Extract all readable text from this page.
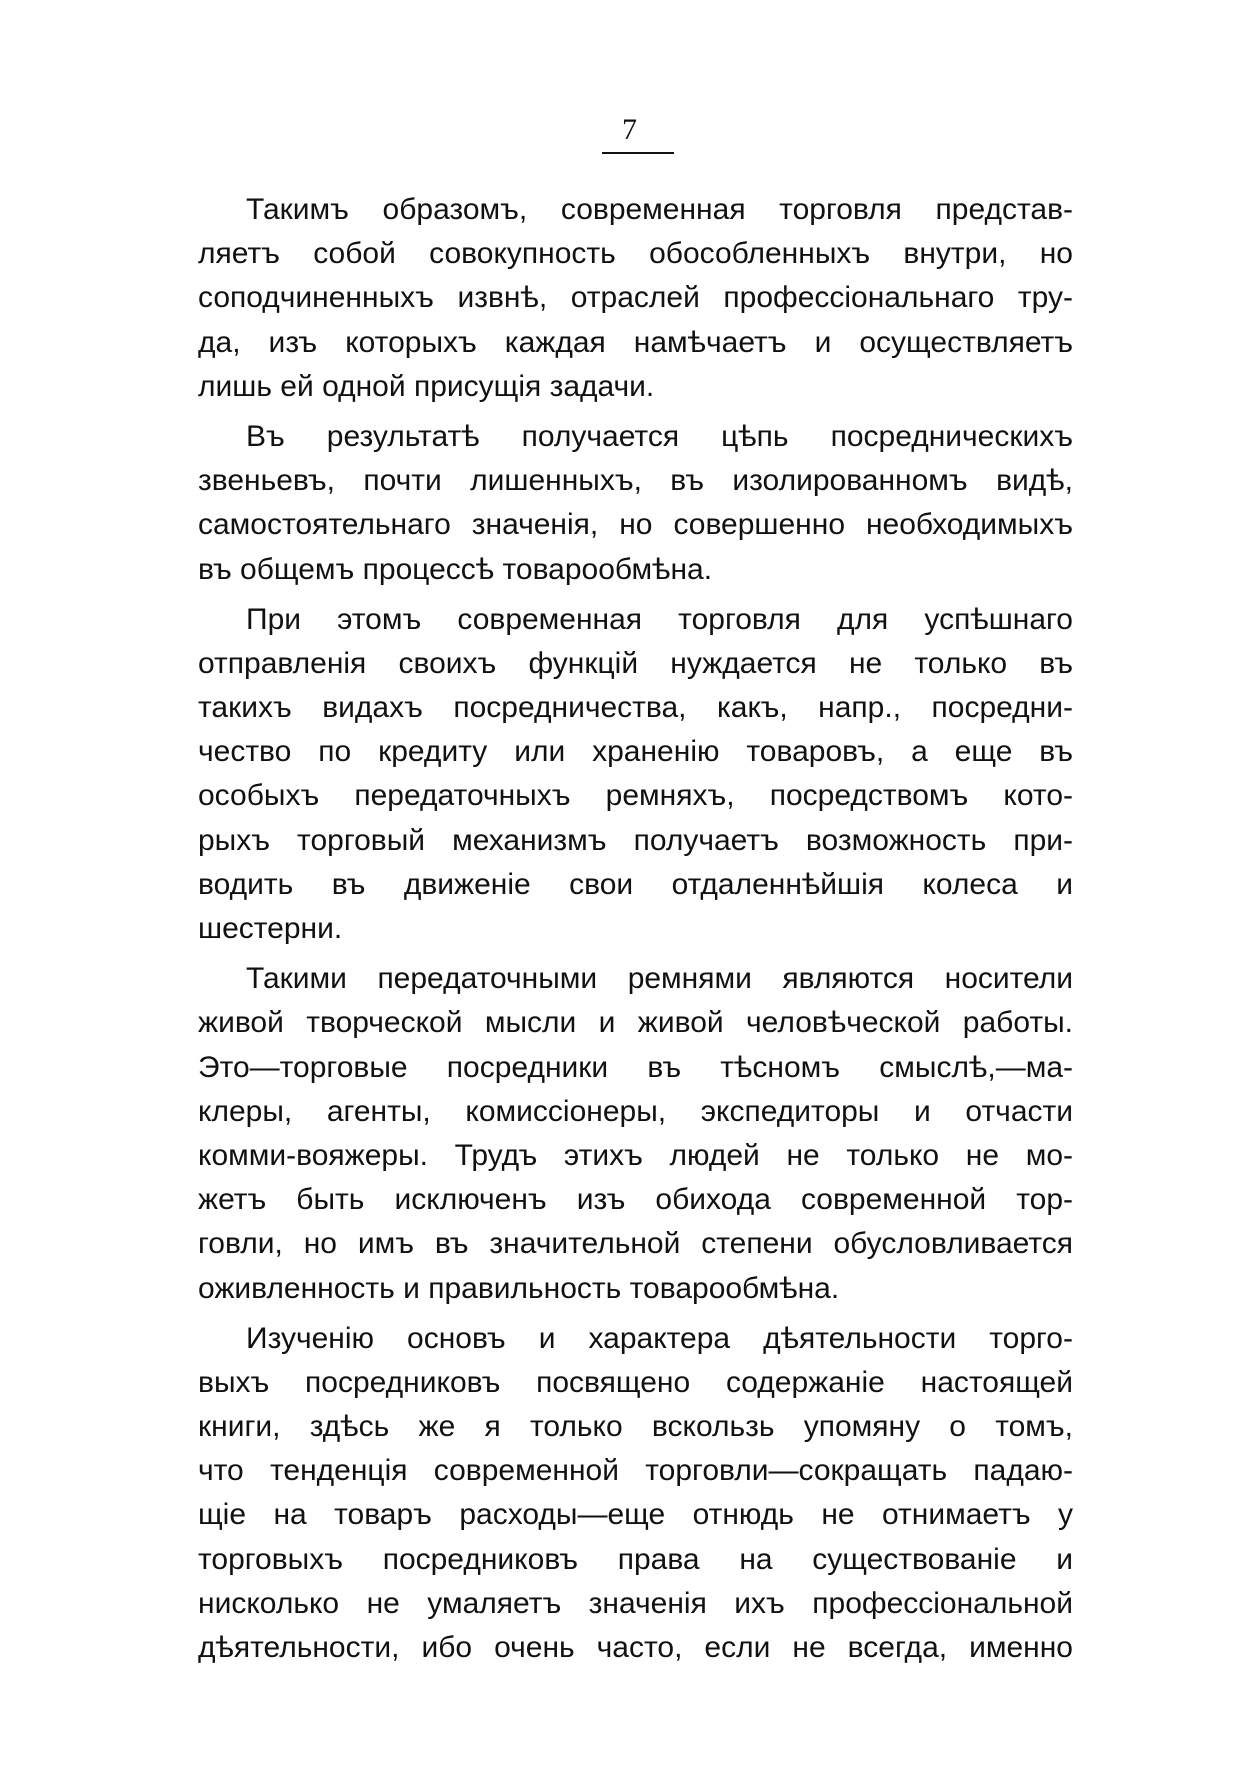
7
Такимъ образомъ, современная торговля представ-
ляетъ собой совокупность обособленныхъ внутри, но
соподчиненныхъ извнѣ, отраслей профессіональнаго тру-
да, изъ которыхъ каждая намѣчаетъ и осуществляетъ
лишь ей одной присущія задачи.
Въ результатѣ получается цѣпь посредническихъ
звеньевъ, почти лишенныхъ, въ изолированномъ видѣ,
самостоятельнаго значенія, но совершенно необходимыхъ
въ общемъ процессѣ товарообмѣна.
При этомъ современная торговля для успѣшнаго
отправленія своихъ функцій нуждается не только въ
такихъ видахъ посредничества, какъ, напр., посредни-
чество по кредиту или храненію товаровъ, а еще въ
особыхъ передаточныхъ ремняхъ, посредствомъ кото-
рыхъ торговый механизмъ получаетъ возможность при-
водить въ движеніе свои отдаленнѣйшія колеса и
шестерни.
Такими передаточными ремнями являются носители
живой творческой мысли и живой человѣческой работы.
Это—торговые посредники въ тѣсномъ смыслѣ,—ма-
клеры, агенты, комиссіонеры, экспедиторы и отчасти
комми-вояжеры. Трудъ этихъ людей не только не мо-
жетъ быть исключенъ изъ обихода современной тор-
говли, но имъ въ значительной степени обусловливается
оживленность и правильность товарообмѣна.
Изученію основъ и характера дѣятельности торго-
выхъ посредниковъ посвящено содержаніе настоящей
книги, здѣсь же я только вскользь упомяну о томъ,
что тенденція современной торговли—сокращать падаю-
щіе на товаръ расходы—еще отнюдь не отнимаетъ у
торговыхъ посредниковъ права на существованіе и
нисколько не умаляетъ значенія ихъ профессіональной
дѣятельности, ибо очень часто, если не всегда, именно
